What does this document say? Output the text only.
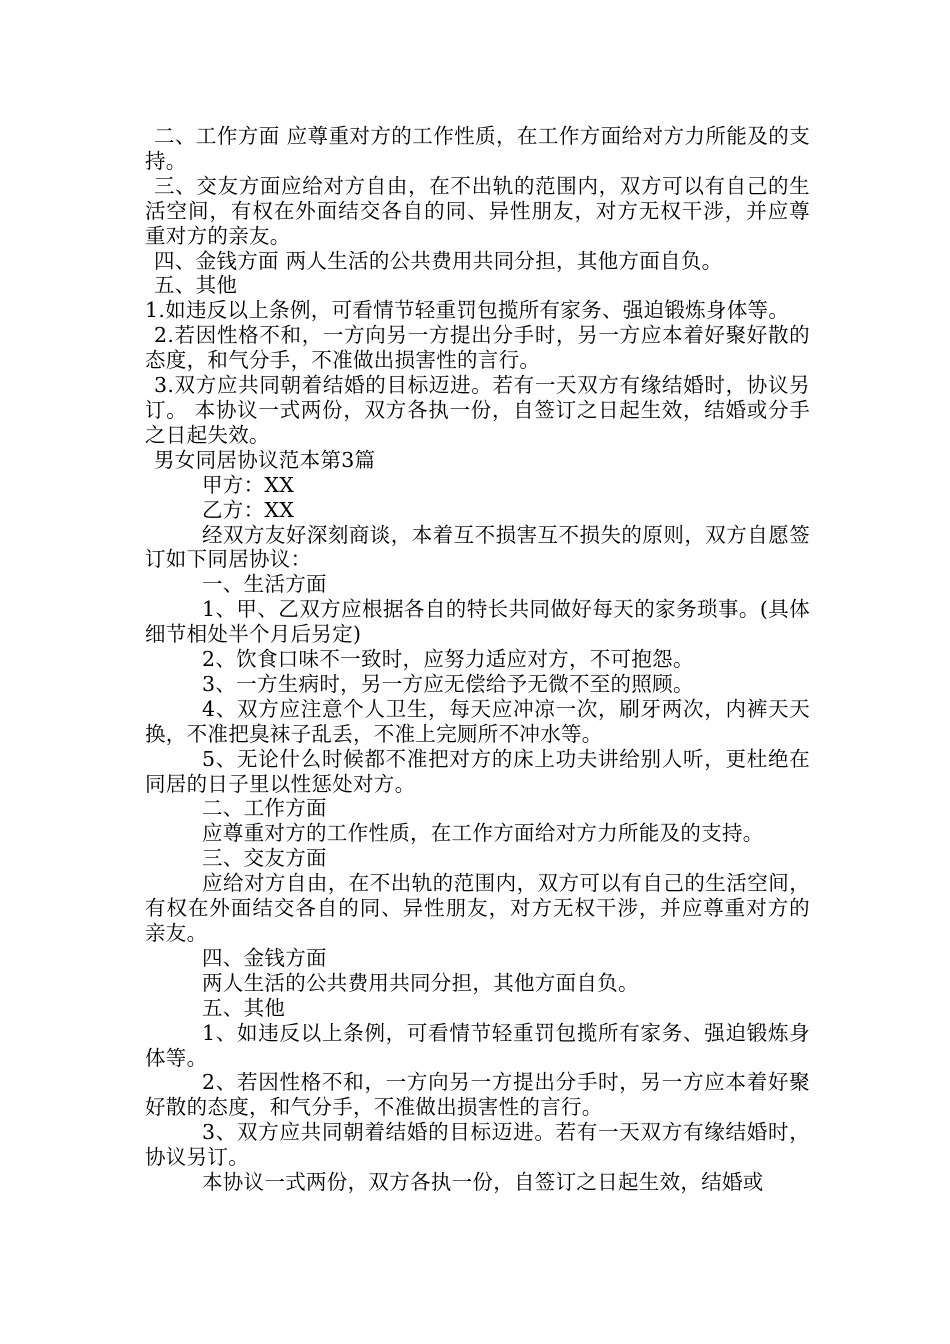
二、工作方面 应尊重对方的工作性质，在工作方面给对方力所能及的支持。

三、交友方面应给对方自由，在不出轨的范围内，双方可以有自己的生活空间，有权在外面结交各自的同、异性朋友，对方无权干涉，并应尊重对方的亲友。

四、金钱方面 两人生活的公共费用共同分担，其他方面自负。

五、其他

1.如违反以上条例，可看情节轻重罚包揽所有家务、强迫锻炼身体等。

2.若因性格不和，一方向另一方提出分手时，另一方应本着好聚好散的态度，和气分手，不准做出损害性的言行。

3.双方应共同朝着结婚的目标迈进。若有一天双方有缘结婚时，协议另订。 本协议一式两份，双方各执一份，自签订之日起生效，结婚或分手之日起失效。

男女同居协议范本第3篇

甲方：XX

乙方：XX

经双方友好深刻商谈，本着互不损害互不损失的原则，双方自愿签订如下同居协议：

一、生活方面

1、甲、乙双方应根据各自的特长共同做好每天的家务琐事。(具体细节相处半个月后另定)

2、饮食口味不一致时，应努力适应对方，不可抱怨。

3、一方生病时，另一方应无偿给予无微不至的照顾。

4、双方应注意个人卫生，每天应冲凉一次，刷牙两次，内裤天天换，不准把臭袜子乱丢，不准上完厕所不冲水等。

5、无论什么时候都不准把对方的床上功夫讲给别人听，更杜绝在同居的日子里以性惩处对方。

二、工作方面

应尊重对方的工作性质，在工作方面给对方力所能及的支持。

三、交友方面

应给对方自由，在不出轨的范围内，双方可以有自己的生活空间，有权在外面结交各自的同、异性朋友，对方无权干涉，并应尊重对方的亲友。

四、金钱方面

两人生活的公共费用共同分担，其他方面自负。

五、其他

1、如违反以上条例，可看情节轻重罚包揽所有家务、强迫锻炼身体等。

2、若因性格不和，一方向另一方提出分手时，另一方应本着好聚好散的态度，和气分手，不准做出损害性的言行。

3、双方应共同朝着结婚的目标迈进。若有一天双方有缘结婚时，协议另订。

本协议一式两份，双方各执一份，自签订之日起生效，结婚或
